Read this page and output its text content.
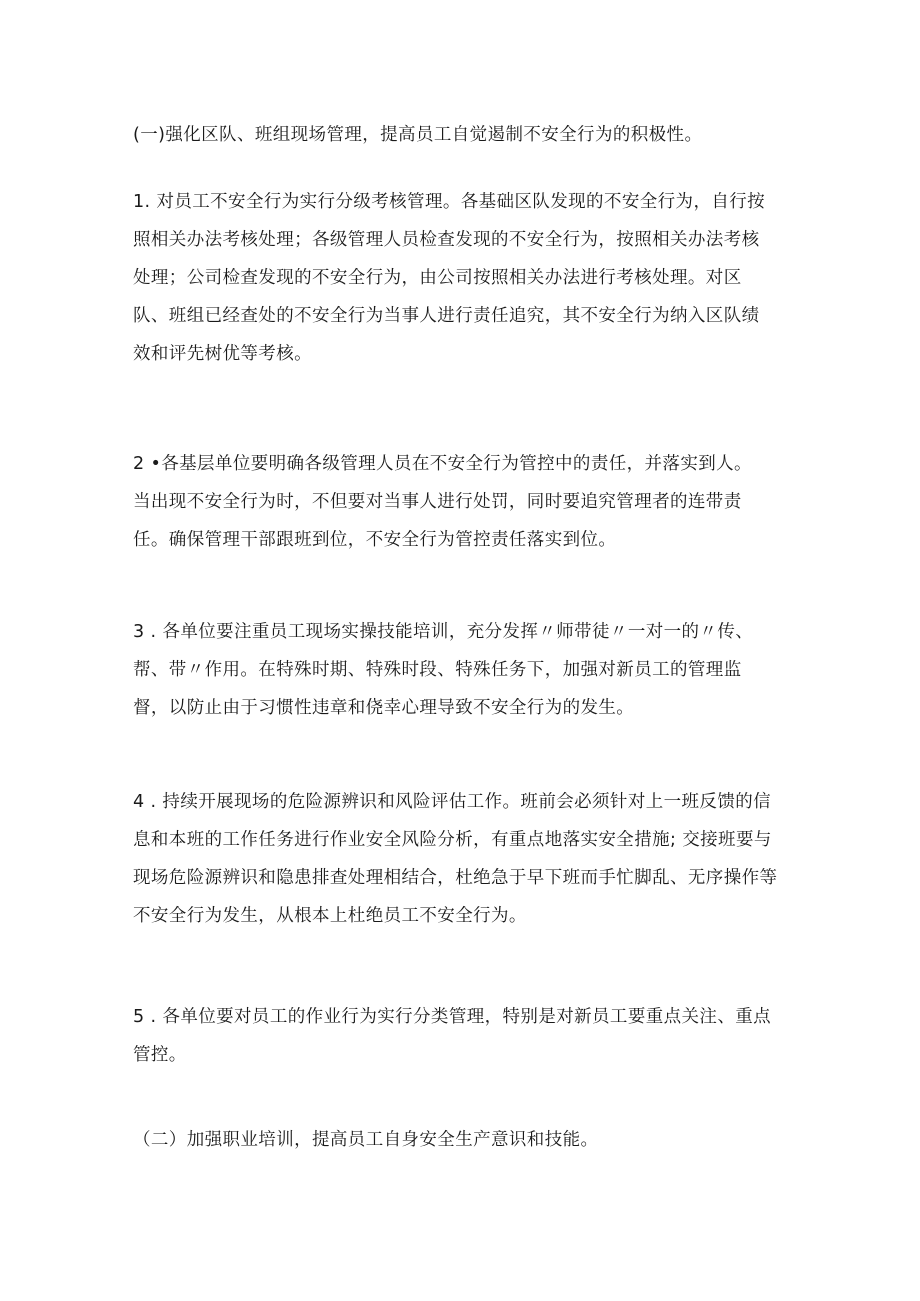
(一)强化区队、班组现场管理，提高员工自觉遏制不安全行为的积极性。

1. 对员工不安全行为实行分级考核管理。各基础区队发现的不安全行为，自行按
照相关办法考核处理；各级管理人员检查发现的不安全行为，按照相关办法考核
处理；公司检查发现的不安全行为，由公司按照相关办法进行考核处理。对区
队、班组已经查处的不安全行为当事人进行责任追究，其不安全行为纳入区队绩
效和评先树优等考核。

2 •各基层单位要明确各级管理人员在不安全行为管控中的责任，并落实到人。
当出现不安全行为时，不但要对当事人进行处罚，同时要追究管理者的连带责
任。确保管理干部跟班到位，不安全行为管控责任落实到位。

3 . 各单位要注重员工现场实操技能培训，充分发挥〃师带徒〃一对一的〃传、
帮、带〃作用。在特殊时期、特殊时段、特殊任务下，加强对新员工的管理监
督，以防止由于习惯性违章和侥幸心理导致不安全行为的发生。

4 . 持续开展现场的危险源辨识和风险评估工作。班前会必须针对上一班反馈的信
息和本班的工作任务进行作业安全风险分析，有重点地落实安全措施; 交接班要与
现场危险源辨识和隐患排查处理相结合，杜绝急于早下班而手忙脚乱、无序操作等
不安全行为发生，从根本上杜绝员工不安全行为。

5 . 各单位要对员工的作业行为实行分类管理，特别是对新员工要重点关注、重点
管控。

（二）加强职业培训，提高员工自身安全生产意识和技能。
